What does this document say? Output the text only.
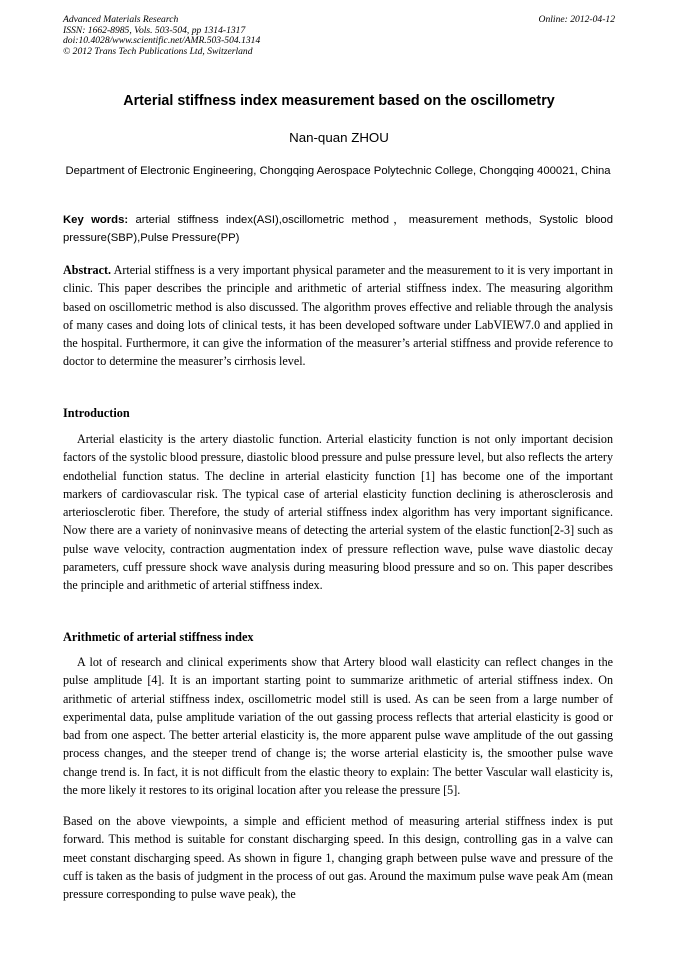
Advanced Materials Research
ISSN: 1662-8985, Vols. 503-504, pp 1314-1317
doi:10.4028/www.scientific.net/AMR.503-504.1314
© 2012 Trans Tech Publications Ltd, Switzerland
Online: 2012-04-12
Arterial stiffness index measurement based on the oscillometry
Nan-quan ZHOU
Department of Electronic Engineering, Chongqing Aerospace Polytechnic College, Chongqing 400021, China
Key words: arterial stiffness index(ASI),oscillometric method，measurement methods, Systolic blood pressure(SBP),Pulse Pressure(PP)
Abstract. Arterial stiffness is a very important physical parameter and the measurement to it is very important in clinic. This paper describes the principle and arithmetic of arterial stiffness index. The measuring algorithm based on oscillometric method is also discussed. The algorithm proves effective and reliable through the analysis of many cases and doing lots of clinical tests, it has been developed software under LabVIEW7.0 and applied in the hospital. Furthermore, it can give the information of the measurer’s arterial stiffness and provide reference to doctor to determine the measurer’s cirrhosis level.
Introduction
Arterial elasticity is the artery diastolic function. Arterial elasticity function is not only important decision factors of the systolic blood pressure, diastolic blood pressure and pulse pressure level, but also reflects the artery endothelial function status. The decline in arterial elasticity function [1] has become one of the important markers of cardiovascular risk. The typical case of arterial elasticity function declining is atherosclerosis and arteriosclerotic fiber. Therefore, the study of arterial stiffness index algorithm has very important significance. Now there are a variety of noninvasive means of detecting the arterial system of the elastic function[2-3] such as pulse wave velocity, contraction augmentation index of pressure reflection wave, pulse wave diastolic decay parameters, cuff pressure shock wave analysis during measuring blood pressure and so on. This paper describes the principle and arithmetic of arterial stiffness index.
Arithmetic of arterial stiffness index
A lot of research and clinical experiments show that Artery blood wall elasticity can reflect changes in the pulse amplitude [4]. It is an important starting point to summarize arithmetic of arterial stiffness index. On arithmetic of arterial stiffness index, oscillometric model still is used. As can be seen from a large number of experimental data, pulse amplitude variation of the out gassing process reflects that arterial elasticity is good or bad from one aspect. The better arterial elasticity is, the more apparent pulse wave amplitude of the out gassing process changes, and the steeper trend of change is; the worse arterial elasticity is, the smoother pulse wave change trend is. In fact, it is not difficult from the elastic theory to explain: The better Vascular wall elasticity is, the more likely it restores to its original location after you release the pressure [5].
Based on the above viewpoints, a simple and efficient method of measuring arterial stiffness index is put forward. This method is suitable for constant discharging speed. In this design, controlling gas in a valve can meet constant discharging speed. As shown in figure 1, changing graph between pulse wave and pressure of the cuff is taken as the basis of judgment in the process of out gas. Around the maximum pulse wave peak Am (mean pressure corresponding to pulse wave peak), the
